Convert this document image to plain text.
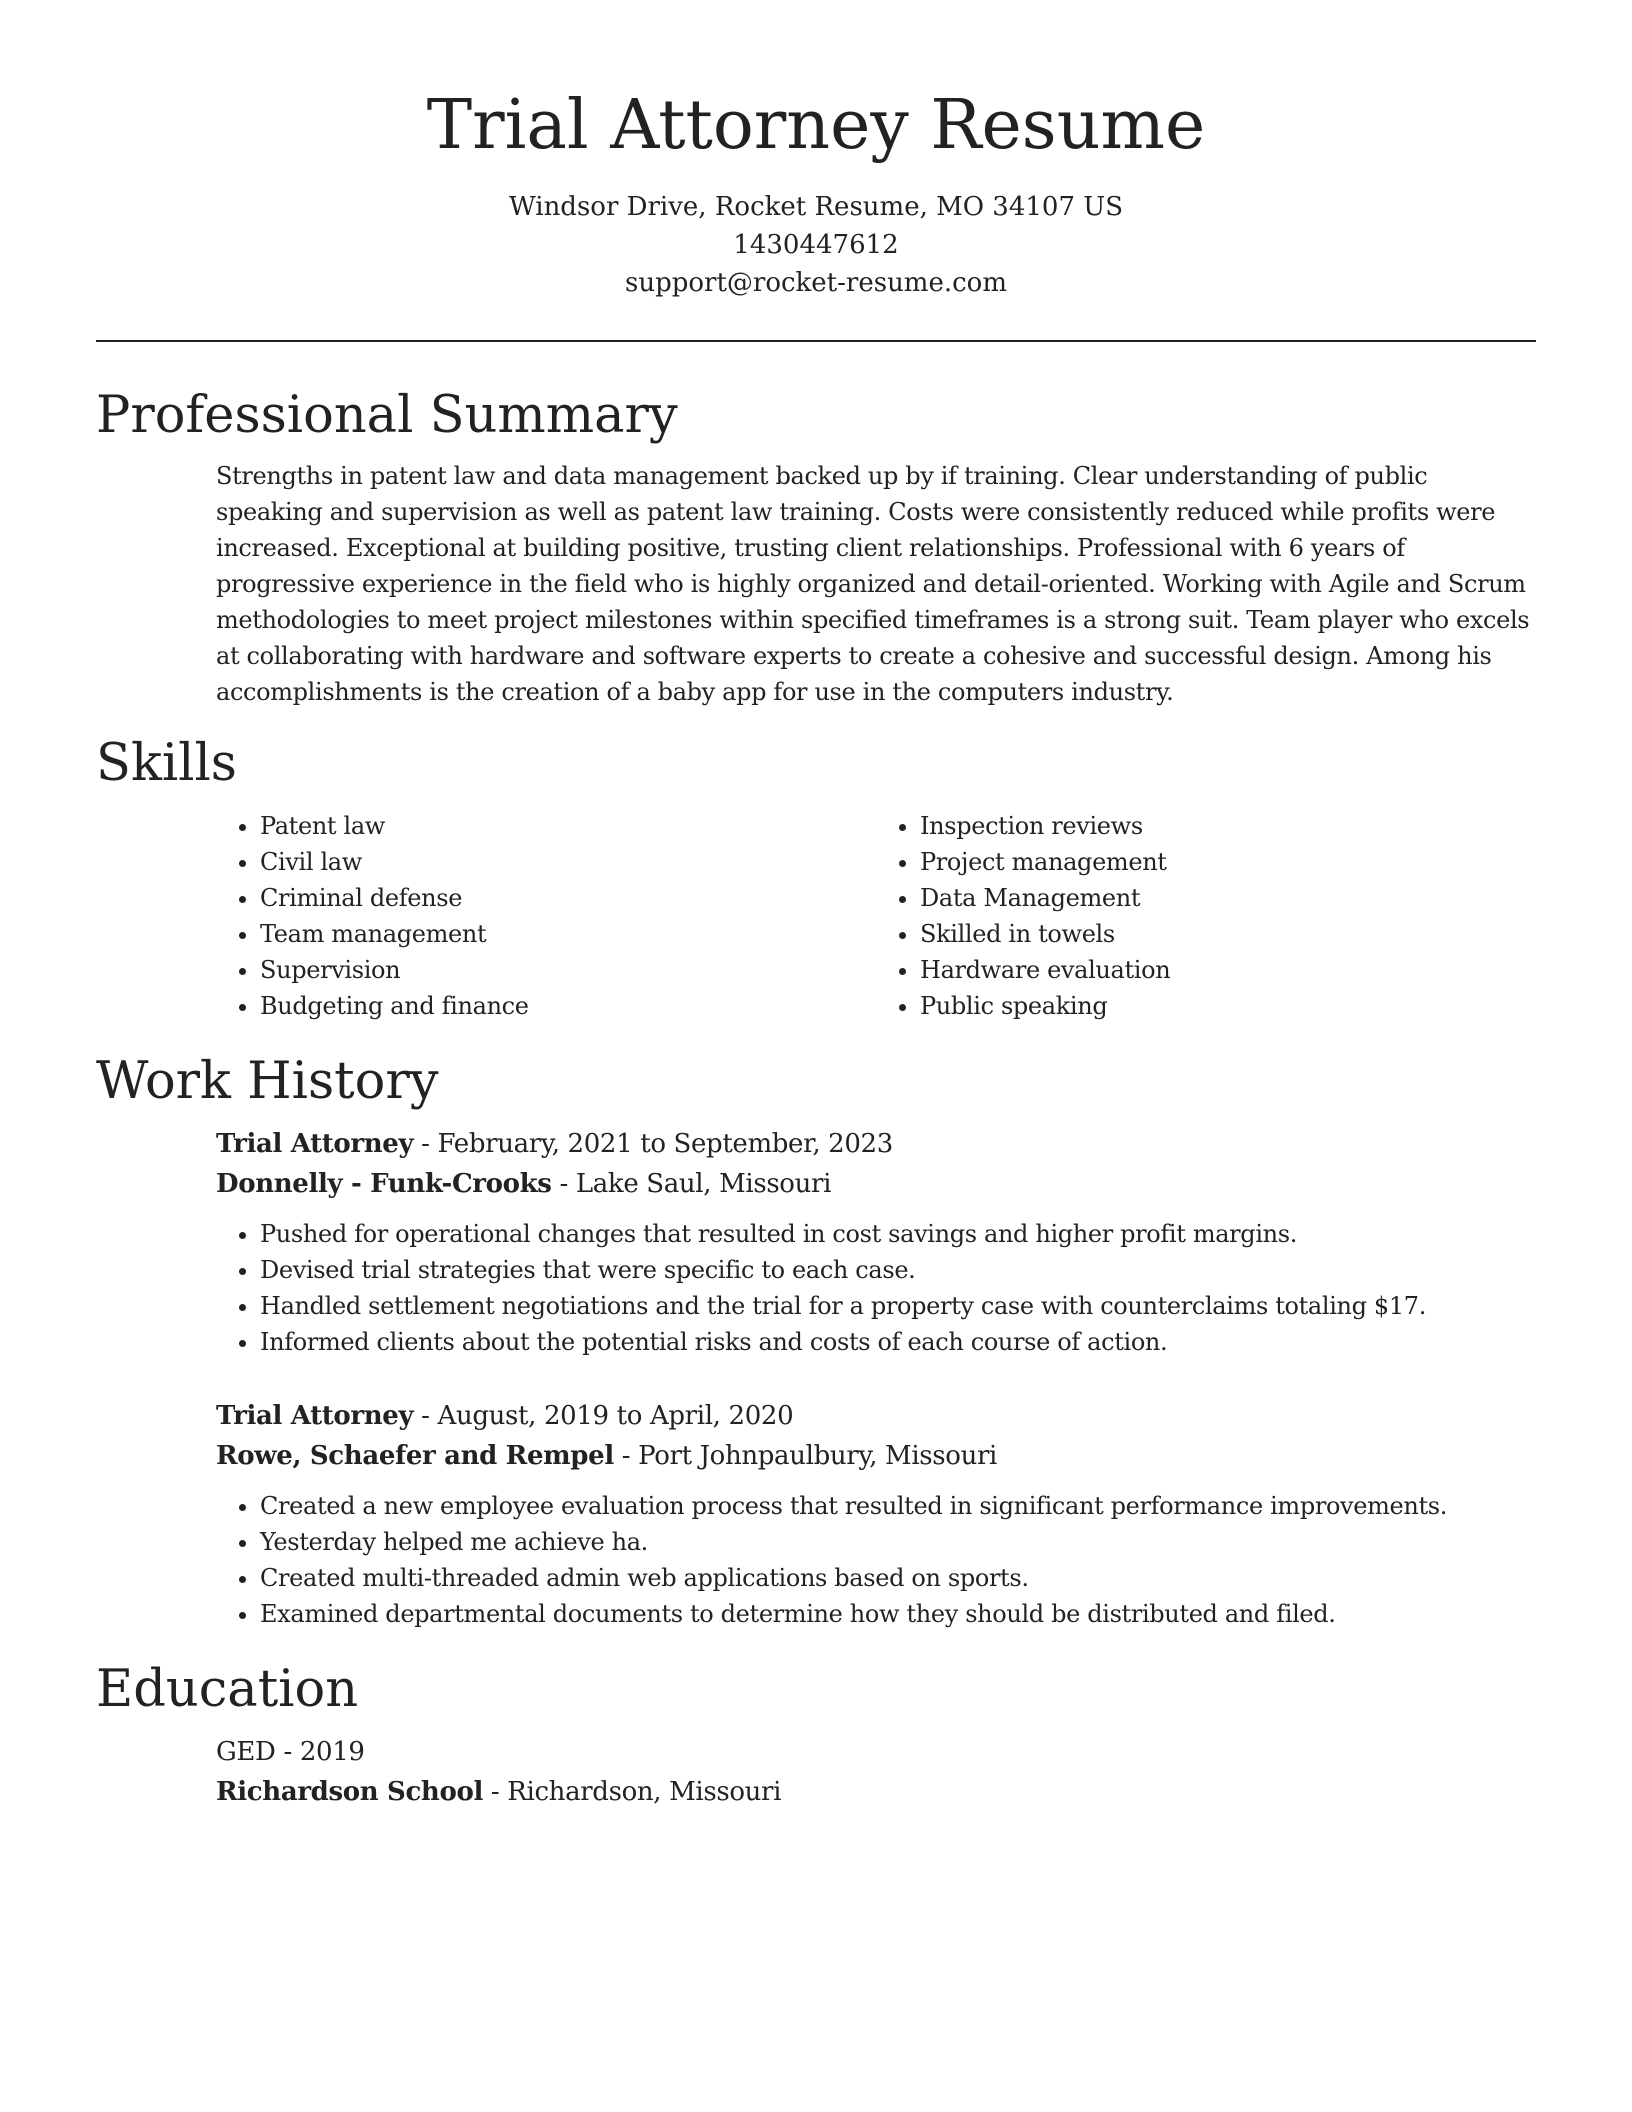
Trial Attorney Resume
Windsor Drive, Rocket Resume, MO 34107 US
1430447612
support@rocket-resume.com
Professional Summary
Strengths in patent law and data management backed up by if training. Clear understanding of public speaking and supervision as well as patent law training. Costs were consistently reduced while profits were increased. Exceptional at building positive, trusting client relationships. Professional with 6 years of progressive experience in the field who is highly organized and detail-oriented. Working with Agile and Scrum methodologies to meet project milestones within specified timeframes is a strong suit. Team player who excels at collaborating with hardware and software experts to create a cohesive and successful design. Among his accomplishments is the creation of a baby app for use in the computers industry.
Skills
• Patent law
• Civil law
• Criminal defense
• Team management
• Supervision
• Budgeting and finance
• Inspection reviews
• Project management
• Data Management
• Skilled in towels
• Hardware evaluation
• Public speaking
Work History
Trial Attorney - February, 2021 to September, 2023
Donnelly - Funk-Crooks - Lake Saul, Missouri
• Pushed for operational changes that resulted in cost savings and higher profit margins.
• Devised trial strategies that were specific to each case.
• Handled settlement negotiations and the trial for a property case with counterclaims totaling $17.
• Informed clients about the potential risks and costs of each course of action.
Trial Attorney - August, 2019 to April, 2020
Rowe, Schaefer and Rempel - Port Johnpaulbury, Missouri
• Created a new employee evaluation process that resulted in significant performance improvements.
• Yesterday helped me achieve ha.
• Created multi-threaded admin web applications based on sports.
• Examined departmental documents to determine how they should be distributed and filed.
Education
GED - 2019
Richardson School - Richardson, Missouri
